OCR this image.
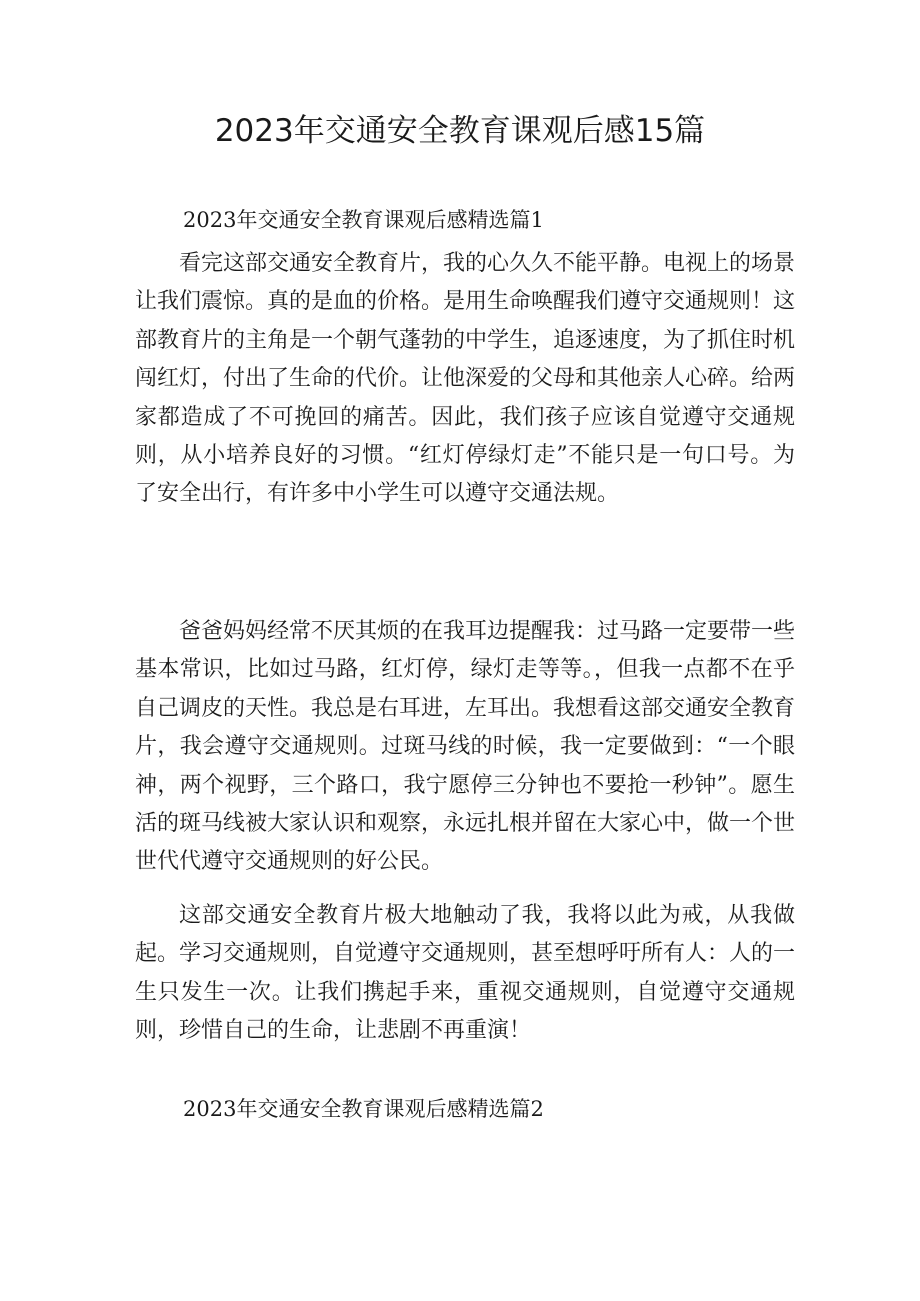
2023年交通安全教育课观后感15篇
2023年交通安全教育课观后感精选篇1

看完这部交通安全教育片，我的心久久不能平静。电视上的场景让我们震惊。真的是血的价格。是用生命唤醒我们遵守交通规则！这部教育片的主角是一个朝气蓬勃的中学生，追逐速度，为了抓住时机闯红灯，付出了生命的代价。让他深爱的父母和其他亲人心碎。给两家都造成了不可挽回的痛苦。因此，我们孩子应该自觉遵守交通规则，从小培养良好的习惯。“红灯停绿灯走”不能只是一句口号。为了安全出行，有许多中小学生可以遵守交通法规。

爸爸妈妈经常不厌其烦的在我耳边提醒我：过马路一定要带一些基本常识，比如过马路，红灯停，绿灯走等等。，但我一点都不在乎自己调皮的天性。我总是右耳进，左耳出。我想看这部交通安全教育片，我会遵守交通规则。过斑马线的时候，我一定要做到：“一个眼神，两个视野，三个路口，我宁愿停三分钟也不要抢一秒钟”。愿生活的斑马线被大家认识和观察，永远扎根并留在大家心中，做一个世世代代遵守交通规则的好公民。

这部交通安全教育片极大地触动了我，我将以此为戒，从我做起。学习交通规则，自觉遵守交通规则，甚至想呼吁所有人：人的一生只发生一次。让我们携起手来，重视交通规则，自觉遵守交通规则，珍惜自己的生命，让悲剧不再重演！

2023年交通安全教育课观后感精选篇2
